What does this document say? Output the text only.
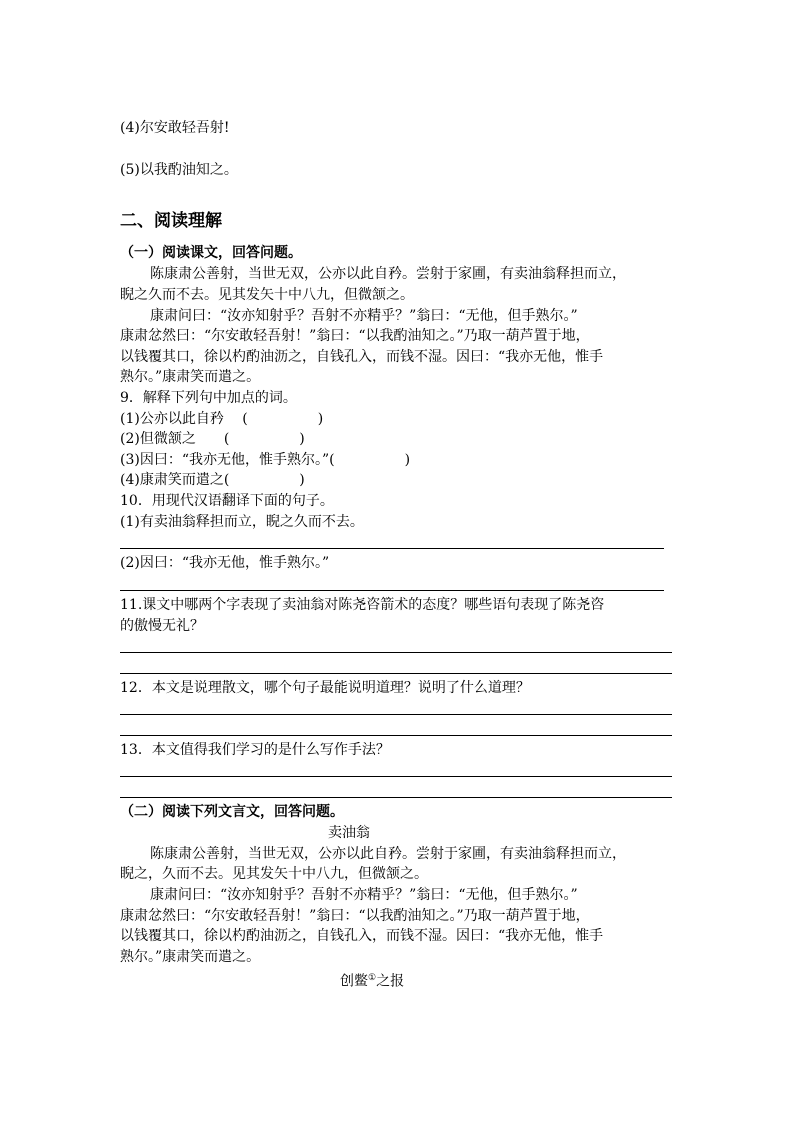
(4)尔安敢轻吾射!
(5)以我酌油知之。
二、阅读理解
（一）阅读课文，回答问题。
陈康肃公善射，当世无双，公亦以此自矜。尝射于家圃，有卖油翁释担而立，
睨之久而不去。见其发矢十中八九，但微颔之。
康肃问曰：“汝亦知射乎？吾射不亦精乎？”翁曰：“无他，但手熟尔。”
康肃忿然曰：“尔安敢轻吾射！”翁曰：“以我酌油知之。”乃取一葫芦置于地，
以钱覆其口，徐以杓酌油沥之，自钱孔入，而钱不湿。因曰：“我亦无他，惟手
熟尔。”康肃笑而遣之。
9．解释下列句中加点的词。
(1)公亦以此自矜　 (　　　　　)
(2)但微颔之　　(　　　　　)
(3)因曰：“我亦无他，惟手熟尔。”(　　　　　)
(4)康肃笑而遣之(　　　　　)
10．用现代汉语翻译下面的句子。
(1)有卖油翁释担而立，睨之久而不去。
(2)因曰：“我亦无他，惟手熟尔。”
11.课文中哪两个字表现了卖油翁对陈尧咨箭术的态度？哪些语句表现了陈尧咨
的傲慢无礼？
12．本文是说理散文，哪个句子最能说明道理？说明了什么道理？
13．本文值得我们学习的是什么写作手法？
（二）阅读下列文言文，回答问题。
卖油翁
陈康肃公善射，当世无双，公亦以此自矜。尝射于家圃，有卖油翁释担而立，
睨之，久而不去。见其发矢十中八九，但微颔之。
康肃问曰：“汝亦知射乎？吾射不亦精乎？”翁曰：“无他，但手熟尔。”
康肃忿然曰：“尔安敢轻吾射！”翁曰：“以我酌油知之。”乃取一葫芦置于地，
以钱覆其口，徐以杓酌油沥之，自钱孔入，而钱不湿。因曰：“我亦无他，惟手
熟尔。”康肃笑而遣之。
创鳖①之报
